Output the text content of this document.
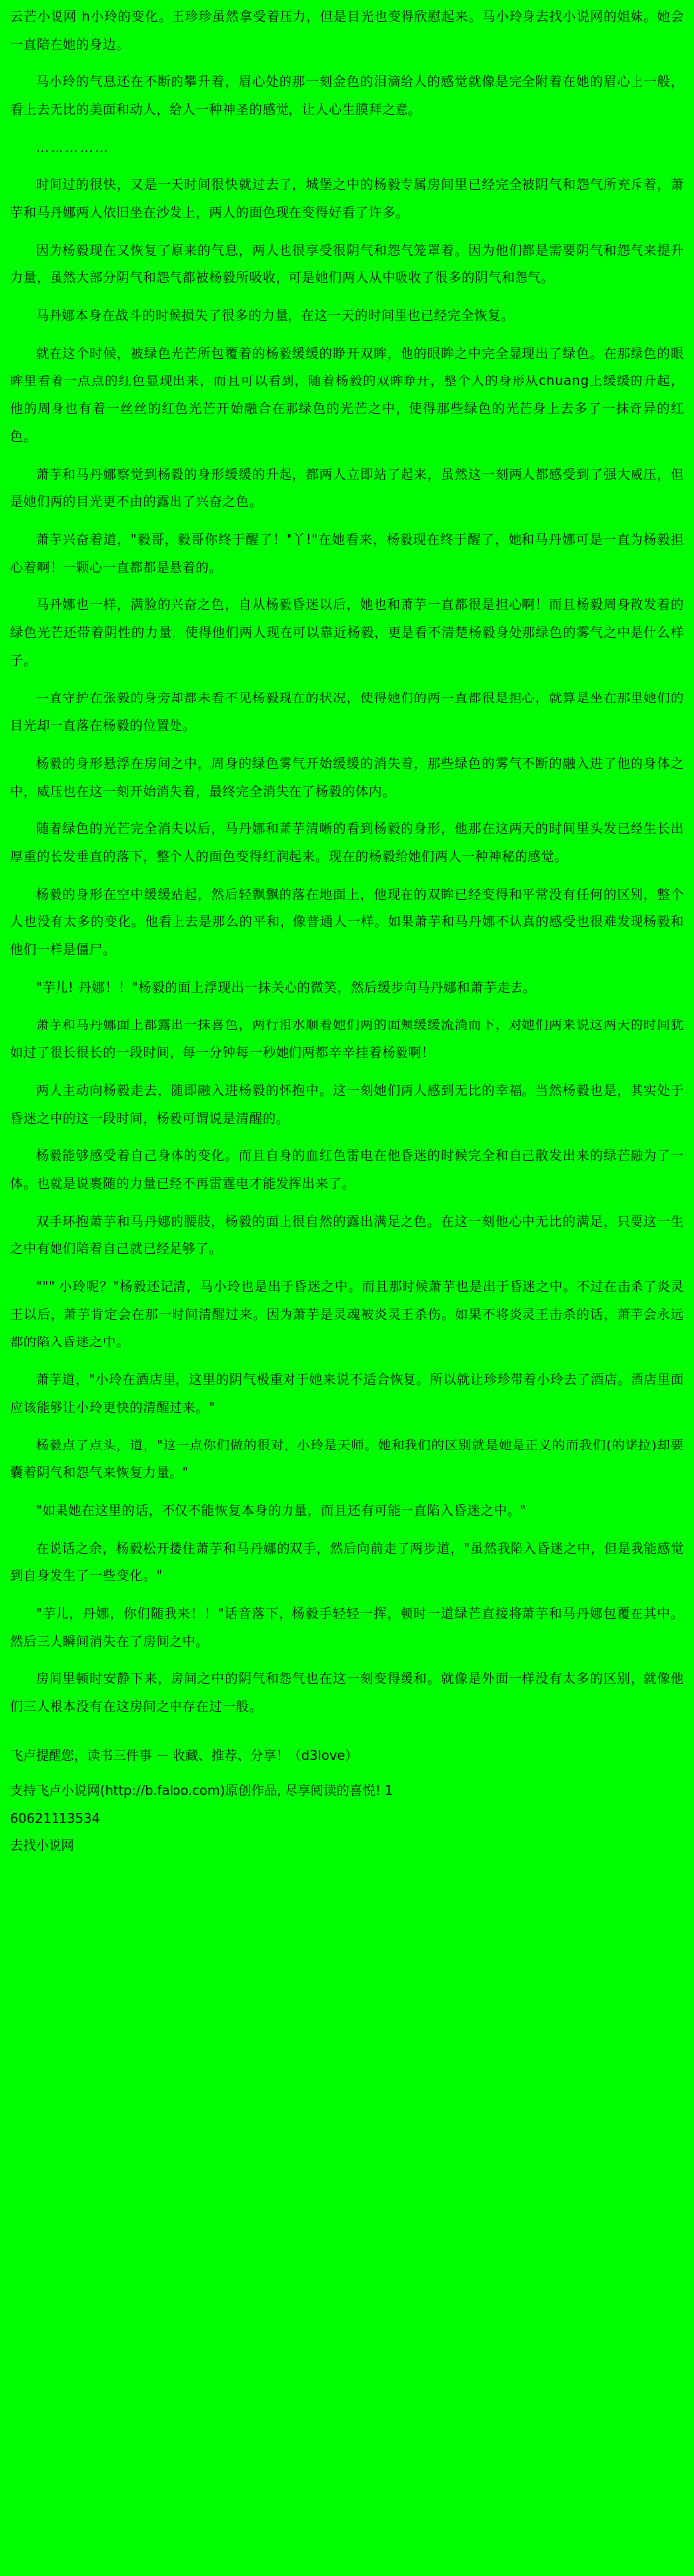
云芒小说网 h小玲的变化。王珍珍虽然拿受着压力，但是目光也变得欣慰起来。马小玲身去找小说网的姐妹。她会一直陪在她的身边。

马小玲的气息还在不断的攀升着，眉心处的那一刻金色的泪滴给人的感觉就像是完全附着在她的眉心上一般，看上去无比的美面和动人，给人一种神圣的感觉，让人心生膜拜之意。

……………

时间过的很快，又是一天时间很快就过去了，城堡之中的杨毅专属房间里已经完全被阴气和怨气所充斥着，萧芋和马丹娜两人依旧坐在沙发上，两人的面色现在变得好看了许多。

因为杨毅现在又恢复了原来的气息，两人也很享受很阴气和怨气笼罩着。因为他们都是需要阴气和怨气来提升力量，虽然大部分阴气和怨气都被杨毅所吸收，可是她们两人从中吸收了很多的阴气和怨气。

马丹娜本身在战斗的时候损失了很多的力量，在这一天的时间里也已经完全恢复。

就在这个时候，被绿色光芒所包覆着的杨毅缓缓的睁开双眸，他的眼眸之中完全显现出了绿色。在那绿色的眼眸里看着一点点的红色显现出来，而且可以看到，随着杨毅的双眸睁开，整个人的身形从chuang上缓缓的升起，他的周身也有着一丝丝的红色光芒开始融合在那绿色的光芒之中，使得那些绿色的光芒身上去多了一抹奇异的红色。

萧芋和马丹娜察觉到杨毅的身形缓缓的升起，都两人立即站了起来，虽然这一刻两人都感受到了强大威压，但是她们两的目光更不由的露出了兴奋之色。

萧芋兴奋着道，"毅哥，毅哥你终于醒了！"丫!"在她看来，杨毅现在终于醒了，她和马丹娜可是一直为杨毅担心着啊！一颗心一直都都是悬着的。

马丹娜也一样，满脸的兴奋之色，自从杨毅昏迷以后，她也和萧芋一直都很是担心啊！而且杨毅周身散发着的绿色光芒还带着阴性的力量，使得他们两人现在可以靠近杨毅，更是看不清楚杨毅身处那绿色的雾气之中是什么样子。

一直守护在张毅的身旁却都未看不见杨毅现在的状况，使得她们的两一直都很是担心，就算是坐在那里她们的目光却一直落在杨毅的位置处。

杨毅的身形悬浮在房间之中，周身的绿色雾气开始缓缓的消失着，那些绿色的雾气不断的融入进了他的身体之中，威压也在这一刻开始消失着，最终完全消失在了杨毅的体内。

随着绿色的光芒完全消失以后，马丹娜和萧芋清晰的看到杨毅的身形，他那在这两天的时间里头发已经生长出厚重的长发垂直的落下，整个人的面色变得红润起来。现在的杨毅给她们两人一种神秘的感觉。

杨毅的身形在空中缓缓站起，然后轻飘飘的落在地面上，他现在的双眸已经变得和平常没有任何的区别，整个人也没有太多的变化。他看上去是那么的平和，像普通人一样。如果萧芋和马丹娜不认真的感受也很难发现杨毅和他们一样是僵尸。

"芋儿! 丹娜！！"杨毅的面上浮现出一抹关心的微笑，然后缓步向马丹娜和萧芋走去。

萧芋和马丹娜面上都露出一抹喜色，两行泪水顺着她们两的面颊缓缓流淌而下，对她们两来说这两天的时间犹如过了很长很长的一段时间，每一分钟每一秒她们两都辛辛挂着杨毅啊！

两人主动向杨毅走去，随即融入进杨毅的怀抱中。这一刻她们两人感到无比的幸福。当然杨毅也是，其实处于昏迷之中的这一段时间，杨毅可谓说是清醒的。

杨毅能够感受着自己身体的变化。而且自身的血红色雷电在他昏迷的时候完全和自己散发出来的绿芒融为了一体。也就是说裹随的力量已经不再雷霆电才能发挥出来了。

双手环抱萧芋和马丹娜的腰肢，杨毅的面上很自然的露出满足之色。在这一刻他心中无比的满足，只要这一生之中有她们陪着自己就已经足够了。

""" 小玲呢？"杨毅还记清，马小玲也是出于昏迷之中。而且那时候萧芋也是出于昏迷之中。不过在击杀了炎灵王以后，萧芋肯定会在那一时间清醒过来。因为萧芋是灵魂被炎灵王杀伤。如果不将炎灵王击杀的话，萧芋会永远都的陷入昏迷之中。

萧芋道，"小玲在酒店里，这里的阴气极重对于她来说不适合恢复。所以就让珍珍带着小玲去了酒店。酒店里面应该能够让小玲更快的清醒过来。"

杨毅点了点头，道，"这一点你们做的很对，小玲是天师。她和我们的区别就是她是正义的而我们(的诺拉)却要囊着阴气和怨气来恢复力量。"

"如果她在这里的话，不仅不能恢复本身的力量，而且还有可能一直陷入昏迷之中。"

在说话之余，杨毅松开搂住萧芋和马丹娜的双手，然后向前走了两步道，"虽然我陷入昏迷之中，但是我能感觉到自身发生了一些变化。"

"芋儿，丹娜，你们随我来！！"话音落下，杨毅手轻轻一挥，顿时一道绿芒直接将萧芋和马丹娜包覆在其中。然后三人瞬间消失在了房间之中。

房间里顿时安静下来，房间之中的阴气和怨气也在这一刻变得缓和。就像是外面一样没有太多的区别，就像他们三人根本没有在这房间之中存在过一般。

飞卢提醒您，读书三件事 － 收藏、推荐、分享！（d3love）
支持飞卢小说网(http://b.faloo.com)原创作品, 尽享阅读的喜悦! 1
60621113534
去找小说网
